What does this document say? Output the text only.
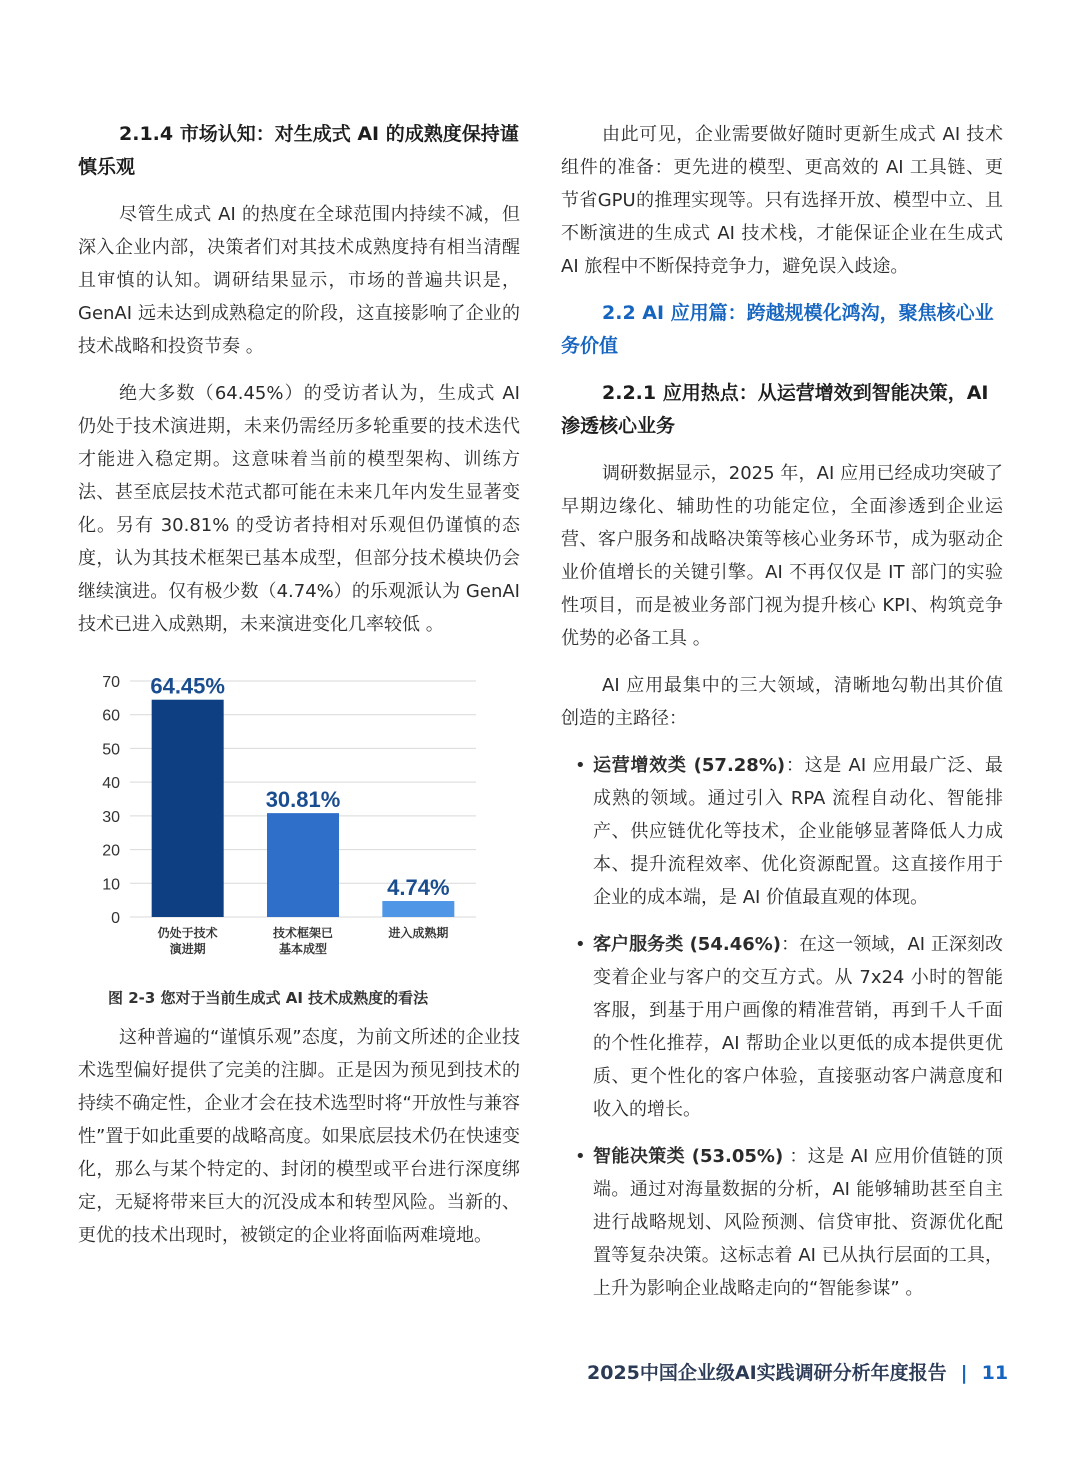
2.1.4 市场认知：对生成式 AI 的成熟度保持谨慎乐观

尽管生成式 AI 的热度在全球范围内持续不减，但深入企业内部，决策者们对其技术成熟度持有相当清醒且审慎的认知。调研结果显示，市场的普遍共识是，GenAI 远未达到成熟稳定的阶段，这直接影响了企业的技术战略和投资节奏 。

绝大多数（64.45%）的受访者认为，生成式 AI 仍处于技术演进期，未来仍需经历多轮重要的技术迭代才能进入稳定期。这意味着当前的模型架构、训练方法、甚至底层技术范式都可能在未来几年内发生显著变化。另有 30.81% 的受访者持相对乐观但仍谨慎的态度，认为其技术框架已基本成型，但部分技术模块仍会继续演进。仅有极少数（4.74%）的乐观派认为 GenAI 技术已进入成熟期，未来演进变化几率较低 。

0
10
20
30
40
50
60
70 64.45%
仍处于技术
演进期
30.81%
技术框架已
基本成型
4.74%
进入成熟期
图 2-3 您对于当前生成式 AI 技术成熟度的看法

这种普遍的“谨慎乐观”态度，为前文所述的企业技术选型偏好提供了完美的注脚。正是因为预见到技术的持续不确定性，企业才会在技术选型时将“开放性与兼容性”置于如此重要的战略高度。如果底层技术仍在快速变化，那么与某个特定的、封闭的模型或平台进行深度绑定，无疑将带来巨大的沉没成本和转型风险。当新的、更优的技术出现时，被锁定的企业将面临两难境地。

由此可见，企业需要做好随时更新生成式 AI 技术组件的准备：更先进的模型、更高效的 AI 工具链、更节省GPU的推理实现等。只有选择开放、模型中立、且不断演进的生成式 AI 技术栈，才能保证企业在生成式 AI 旅程中不断保持竞争力，避免误入歧途。

2.2 AI 应用篇：跨越规模化鸿沟，聚焦核心业务价值

2.2.1 应用热点：从运营增效到智能决策，AI 渗透核心业务

调研数据显示，2025 年，AI 应用已经成功突破了早期边缘化、辅助性的功能定位，全面渗透到企业运营、客户服务和战略决策等核心业务环节，成为驱动企业价值增长的关键引擎。AI 不再仅仅是 IT 部门的实验性项目，而是被业务部门视为提升核心 KPI、构筑竞争优势的必备工具 。

AI 应用最集中的三大领域，清晰地勾勒出其价值创造的主路径：

• 运营增效类 (57.28%)：这是 AI 应用最广泛、最成熟的领域。通过引入 RPA 流程自动化、智能排产、供应链优化等技术，企业能够显著降低人力成本、提升流程效率、优化资源配置。这直接作用于企业的成本端，是 AI 价值最直观的体现。
• 客户服务类 (54.46%)：在这一领域，AI 正深刻改变着企业与客户的交互方式。从 7x24 小时的智能客服，到基于用户画像的精准营销，再到千人千面的个性化推荐，AI 帮助企业以更低的成本提供更优质、更个性化的客户体验，直接驱动客户满意度和收入的增长。
• 智能决策类 (53.05%) ：这是 AI 应用价值链的顶端。通过对海量数据的分析，AI 能够辅助甚至自主进行战略规划、风险预测、信贷审批、资源优化配置等复杂决策。这标志着 AI 已从执行层面的工具，上升为影响企业战略走向的“智能参谋” 。
2025中国企业级AI实践调研分析年度报告 | 11
